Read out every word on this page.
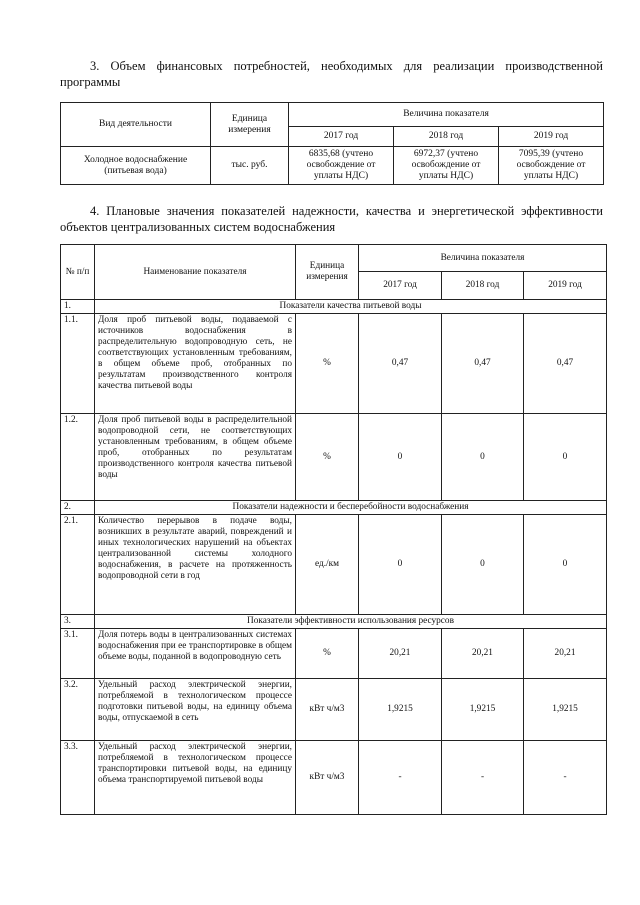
3. Объем финансовых потребностей, необходимых для реализации производственной
программы
Вид деятельности	Единица измерения	Величина показателя		
		2017 год	2018 год	2019 год
Холодное водоснабжение (питьевая вода)	тыс. руб.	6835,68 (учтено освобождение от уплаты НДС)	6972,37 (учтено освобождение от уплаты НДС)	7095,39 (учтено освобождение от уплаты НДС)
4. Плановые значения показателей надежности, качества и энергетической эффективности
объектов централизованных систем водоснабжения
№ п/п	Наименование показателя	Единица измерения	Величина показателя		
			2017 год	2018 год	2019 год
1.	Показатели качества питьевой воды				
1.1.	Доля проб питьевой воды, подаваемой с источников водоснабжения в распределительную водопроводную сеть, не соответствующих установленным требованиям, в общем объеме проб, отобранных по результатам производственного контроля качества питьевой воды	%	0,47	0,47	0,47
1.2.	Доля проб питьевой воды в распределительной водопроводной сети, не соответствующих установленным требованиям, в общем объеме проб, отобранных по результатам производственного контроля качества питьевой воды	%	0	0	0
2.	Показатели надежности и бесперебойности водоснабжения				
2.1.	Количество перерывов в подаче воды, возникших в результате аварий, повреждений и иных технологических нарушений на объектах централизованной системы холодного водоснабжения, в расчете на протяженность водопроводной сети в год	ед./км	0	0	0
3.	Показатели эффективности использования ресурсов				
3.1.	Доля потерь воды в централизованных системах водоснабжения при ее транспортировке в общем объеме воды, поданной в водопроводную сеть	%	20,21	20,21	20,21
3.2.	Удельный расход электрической энергии, потребляемой в технологическом процессе подготовки питьевой воды, на единицу объема воды, отпускаемой в сеть	кВт ч/м3	1,9215	1,9215	1,9215
3.3.	Удельный расход электрической энергии, потребляемой в технологическом процессе транспортировки питьевой воды, на единицу объема транспортируемой питьевой воды	кВт ч/м3	-	-	-
